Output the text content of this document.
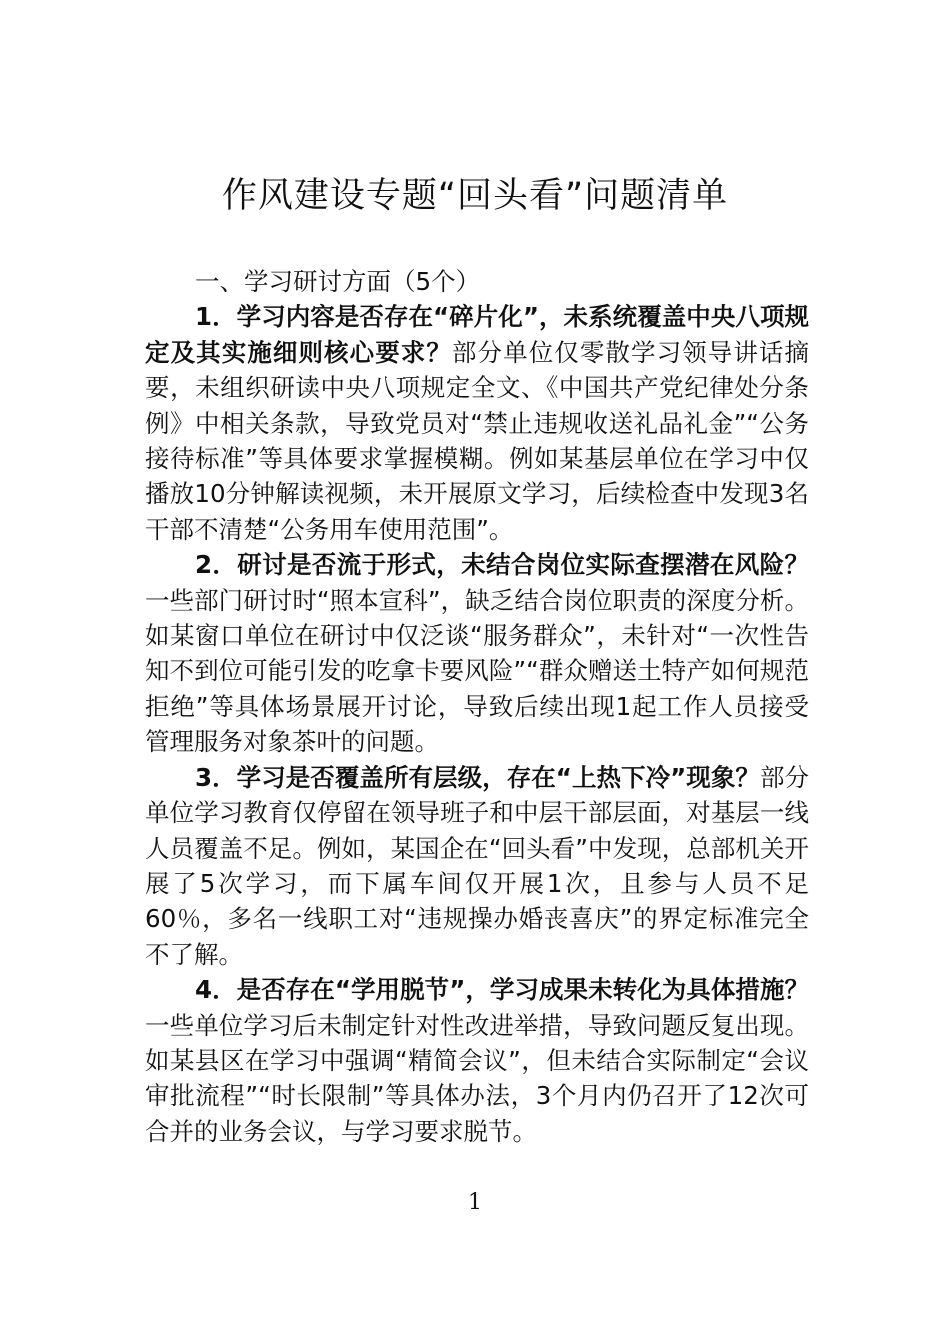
作风建设专题“回头看”问题清单

一、学习研讨方面（5个）

1．学习内容是否存在“碎片化”，未系统覆盖中央八项规定及其实施细则核心要求？部分单位仅零散学习领导讲话摘要，未组织研读中央八项规定全文、《中国共产党纪律处分条例》中相关条款，导致党员对“禁止违规收送礼品礼金”“公务接待标准”等具体要求掌握模糊。例如某基层单位在学习中仅播放10分钟解读视频，未开展原文学习，后续检查中发现3名干部不清楚“公务用车使用范围”。

2．研讨是否流于形式，未结合岗位实际查摆潜在风险？一些部门研讨时“照本宣科”，缺乏结合岗位职责的深度分析。如某窗口单位在研讨中仅泛谈“服务群众”，未针对“一次性告知不到位可能引发的吃拿卡要风险”“群众赠送土特产如何规范拒绝”等具体场景展开讨论，导致后续出现1起工作人员接受管理服务对象茶叶的问题。

3．学习是否覆盖所有层级，存在“上热下冷”现象？部分单位学习教育仅停留在领导班子和中层干部层面，对基层一线人员覆盖不足。例如，某国企在“回头看”中发现，总部机关开展了5次学习，而下属车间仅开展1次，且参与人员不足60％，多名一线职工对“违规操办婚丧喜庆”的界定标准完全不了解。

4．是否存在“学用脱节”，学习成果未转化为具体措施？一些单位学习后未制定针对性改进举措，导致问题反复出现。如某县区在学习中强调“精简会议”，但未结合实际制定“会议审批流程”“时长限制”等具体办法，3个月内仍召开了12次可合并的业务会议，与学习要求脱节。

1
